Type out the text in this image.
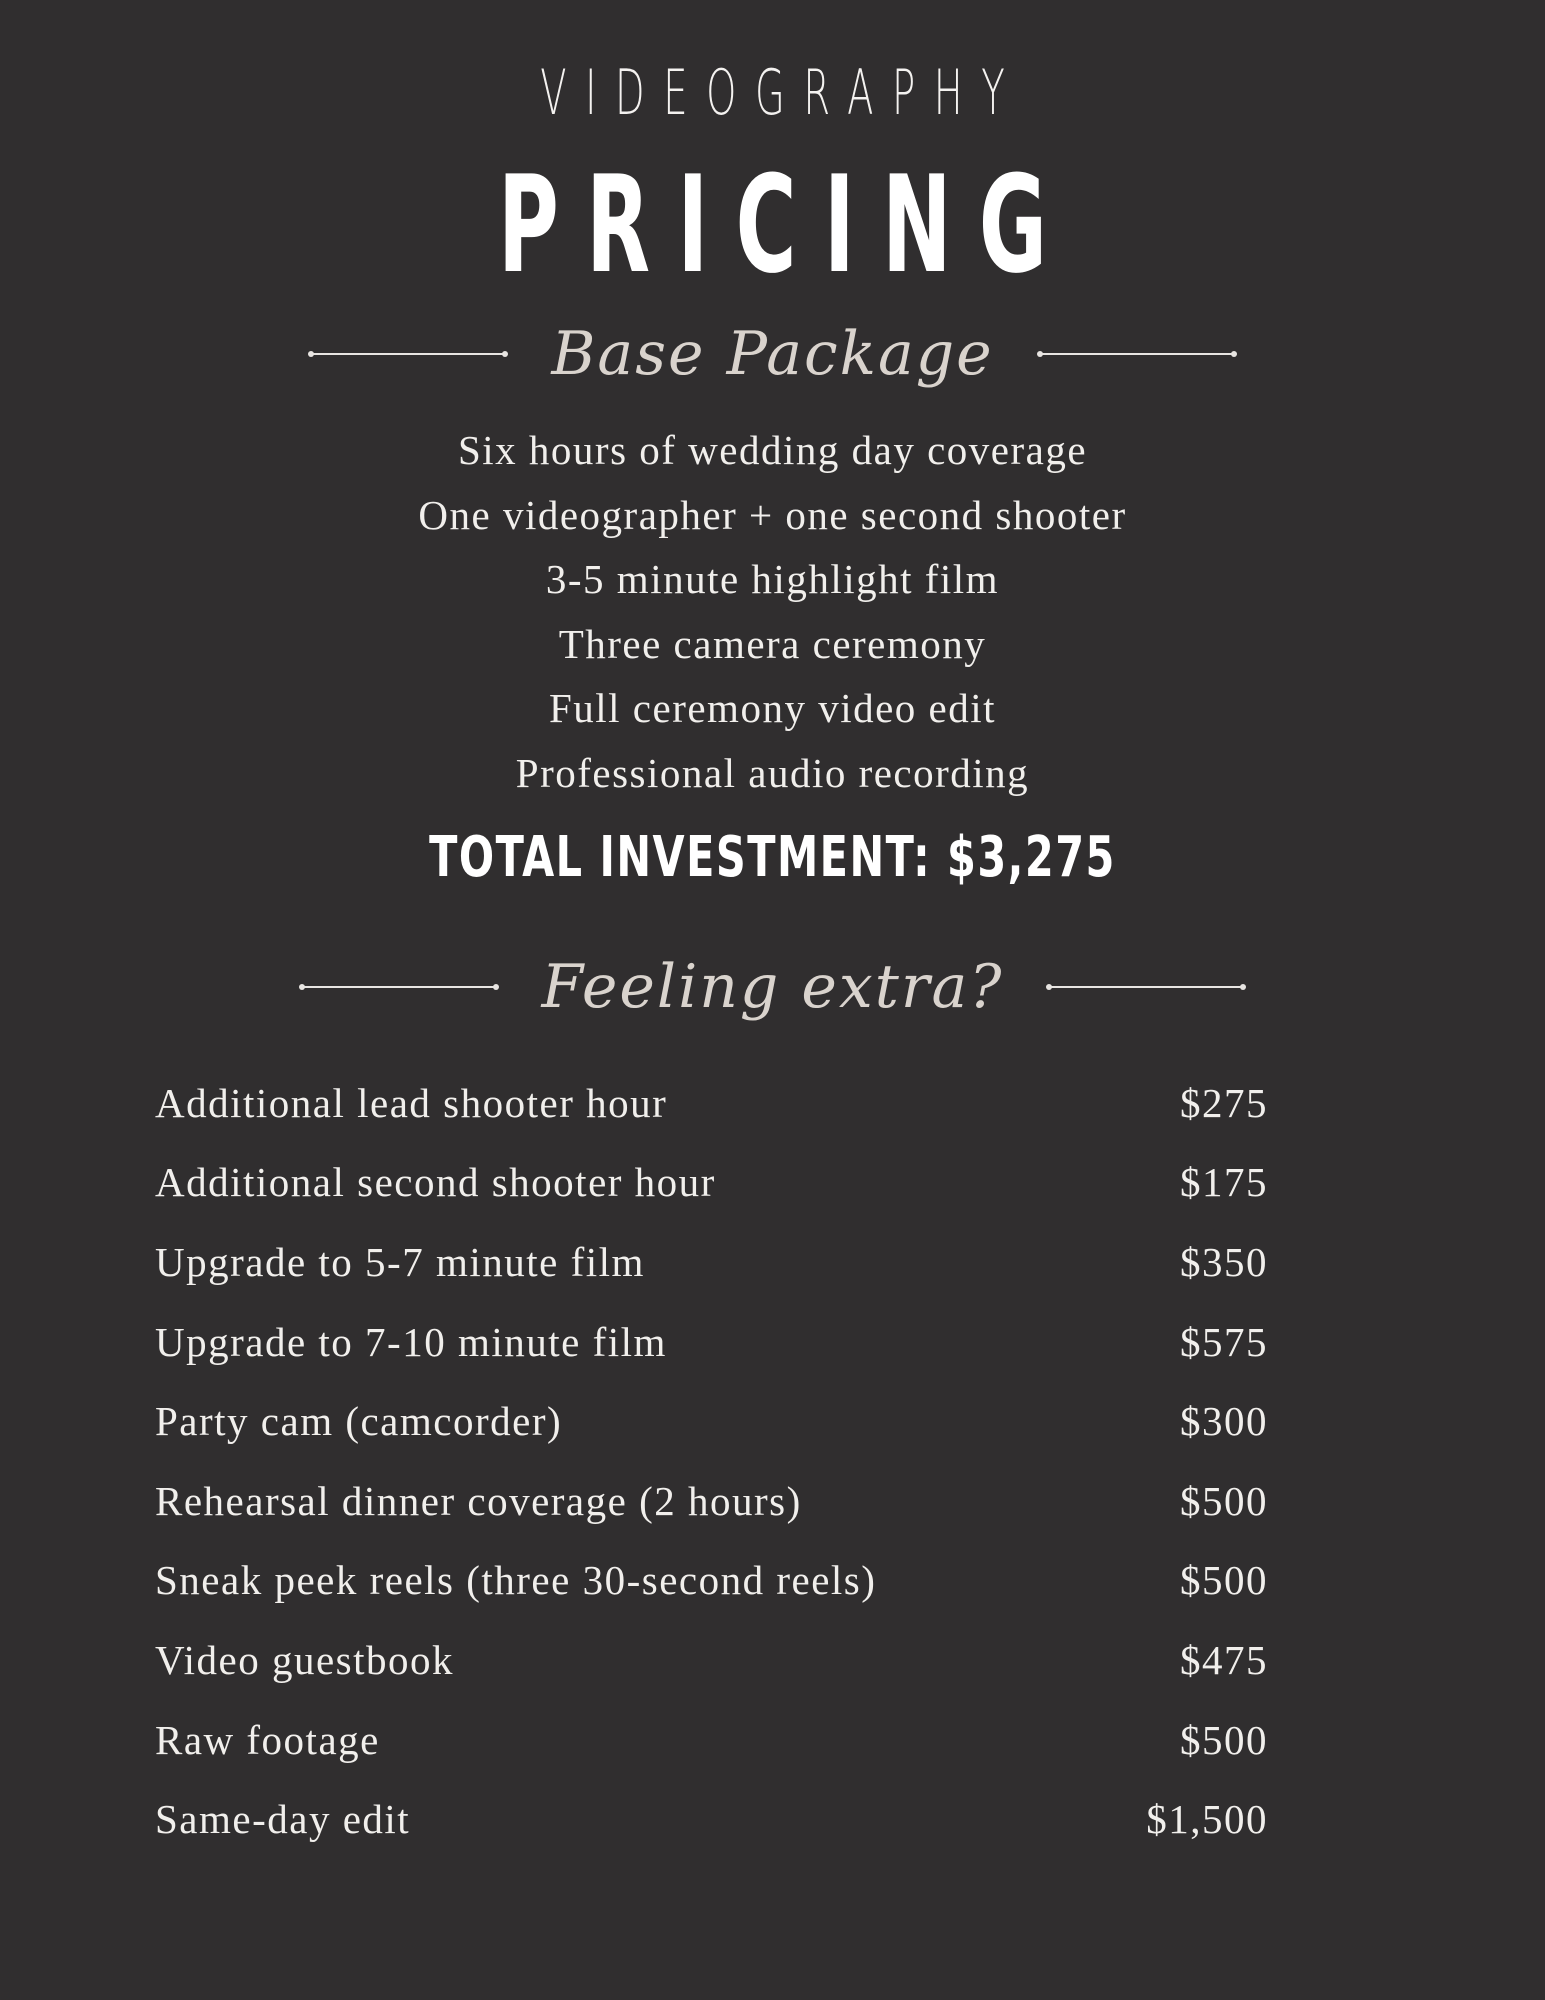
VIDEOGRAPHY
PRICING
Base Package
Six hours of wedding day coverage
One videographer + one second shooter
3-5 minute highlight film
Three camera ceremony
Full ceremony video edit
Professional audio recording
TOTAL INVESTMENT: $3,275
Feeling extra?
Additional lead shooter hour	$275
Additional second shooter hour	$175
Upgrade to 5-7 minute film	$350
Upgrade to 7-10 minute film	$575
Party cam (camcorder)	$300
Rehearsal dinner coverage (2 hours)	$500
Sneak peek reels (three 30-second reels)	$500
Video guestbook	$475
Raw footage	$500
Same-day edit	$1,500
